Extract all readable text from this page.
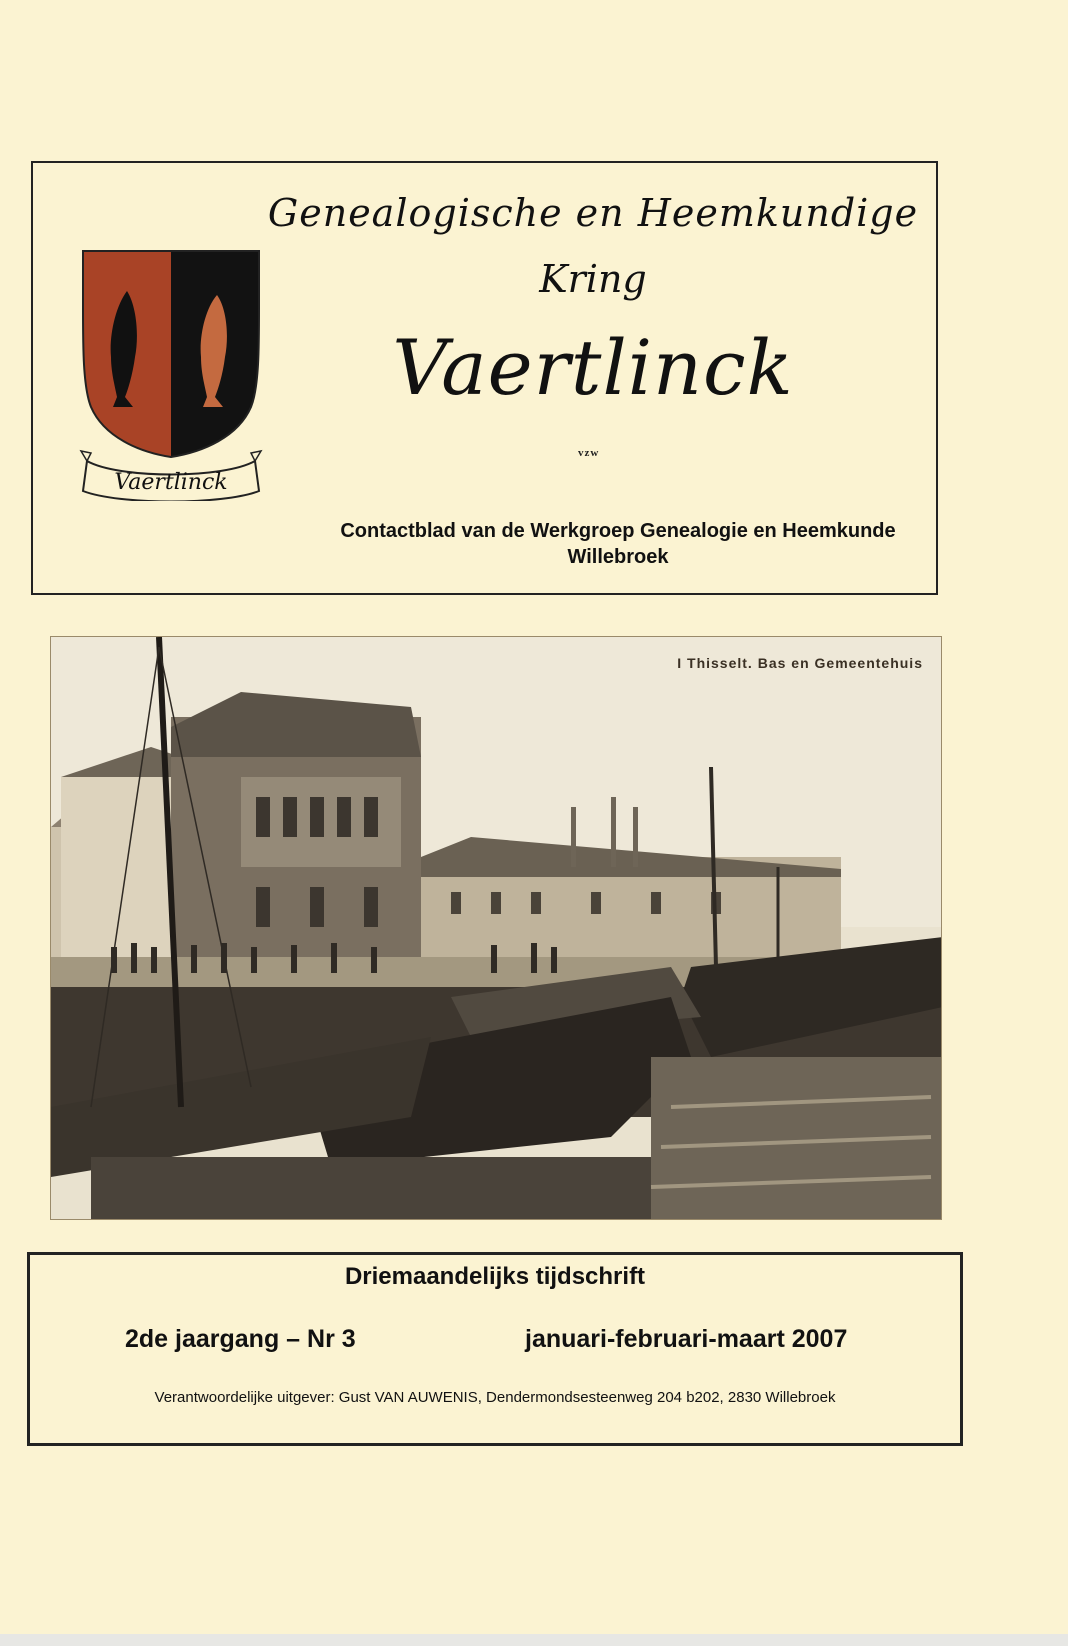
Vaertlinck
Genealogische en Heemkundige
Kring
Vaertlinck
vzw
Contactblad van de Werkgroep Genealogie en Heemkunde
Willebroek
I Thisselt. Bas en Gemeentehuis
Driemaandelijks tijdschrift
2de jaargang – Nr 3	januari-februari-maart 2007
Verantwoordelijke uitgever: Gust VAN AUWENIS, Dendermondsesteenweg 204 b202, 2830 Willebroek
